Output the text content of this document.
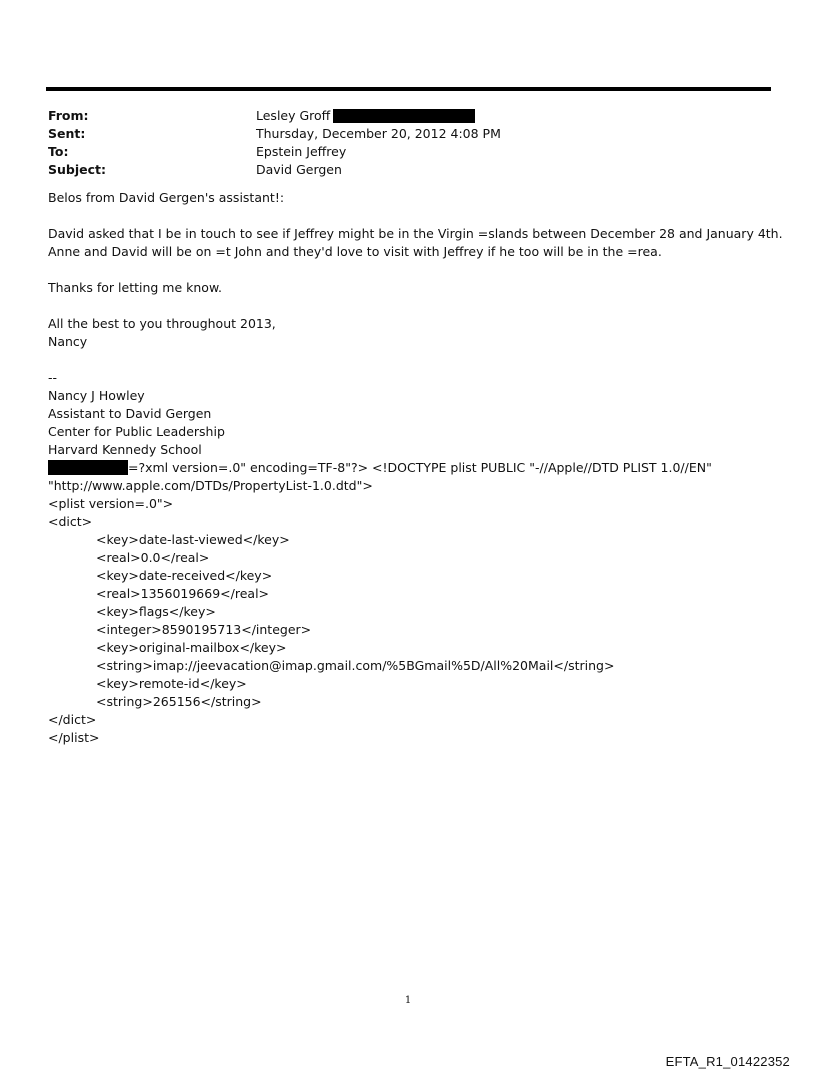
From:	Lesley Groff
Sent:	Thursday, December 20, 2012 4:08 PM
To:	Epstein Jeffrey
Subject:	David Gergen
Belos from David Gergen's assistant!:
David asked that I be in touch to see if Jeffrey might be in the Virgin =slands between December 28 and January 4th.
Anne and David will be on =t John and they'd love to visit with Jeffrey if he too will be in the =rea.
Thanks for letting me know.
All the best to you throughout 2013,
Nancy
--
Nancy J Howley
Assistant to David Gergen
Center for Public Leadership
Harvard Kennedy School
=?xml version=.0" encoding=TF-8"?> <!DOCTYPE plist PUBLIC "-//Apple//DTD PLIST 1.0//EN"
"http://www.apple.com/DTDs/PropertyList-1.0.dtd">
<plist version=.0">
<dict>
<key>date-last-viewed</key>
<real>0.0</real>
<key>date-received</key>
<real>1356019669</real>
<key>flags</key>
<integer>8590195713</integer>
<key>original-mailbox</key>
<string>imap://jeevacation@imap.gmail.com/%5BGmail%5D/All%20Mail</string>
<key>remote-id</key>
<string>265156</string>
</dict>
</plist>
1
EFTA_R1_01422352
